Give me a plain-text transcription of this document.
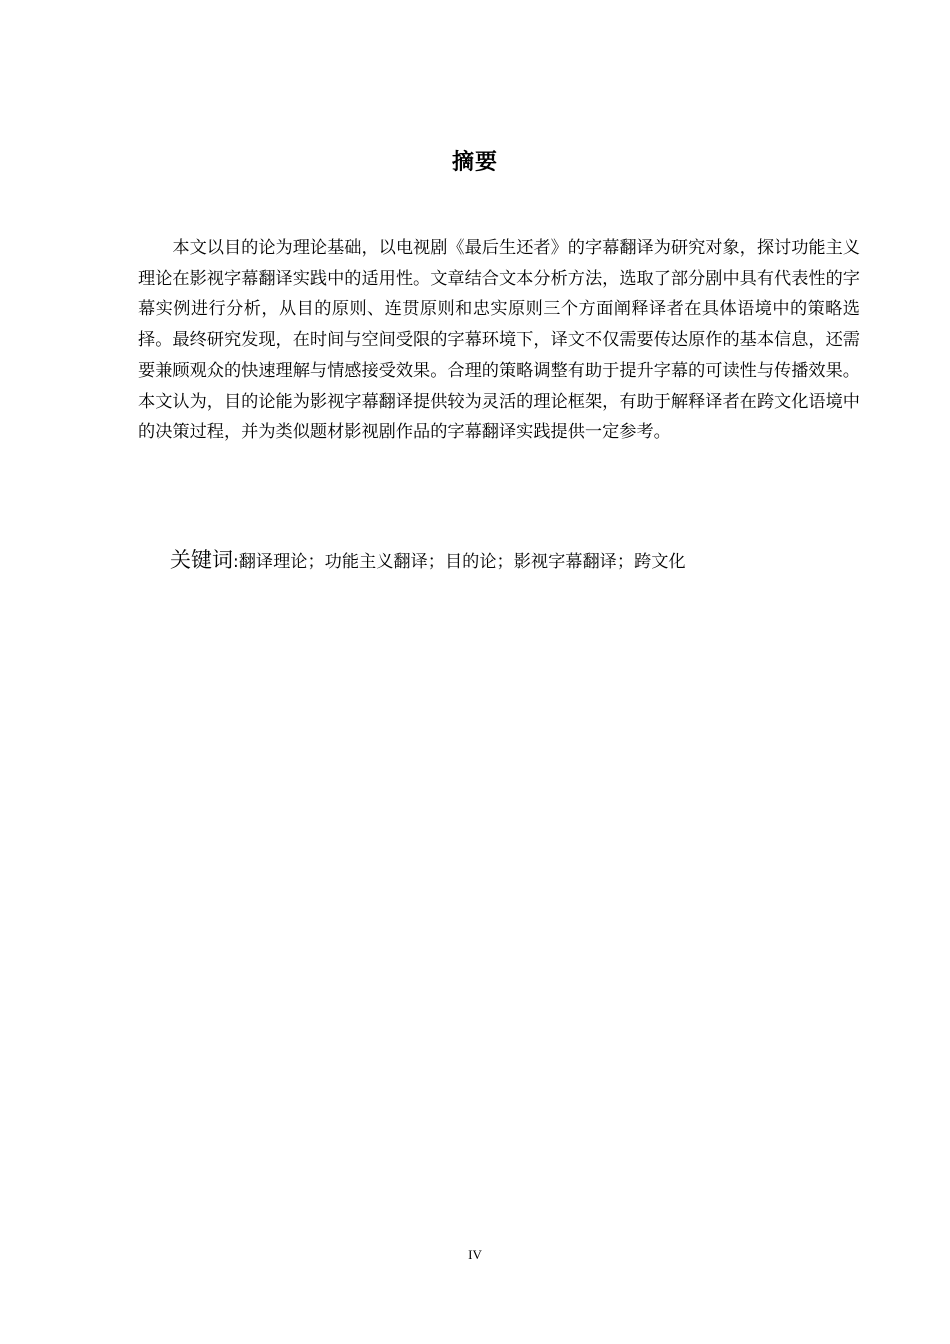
摘要

本文以目的论为理论基础，以电视剧《最后生还者》的字幕翻译为研究对象，探讨功能主义理论在影视字幕翻译实践中的适用性。文章结合文本分析方法，选取了部分剧中具有代表性的字幕实例进行分析，从目的原则、连贯原则和忠实原则三个方面阐释译者在具体语境中的策略选择。最终研究发现，在时间与空间受限的字幕环境下，译文不仅需要传达原作的基本信息，还需要兼顾观众的快速理解与情感接受效果。合理的策略调整有助于提升字幕的可读性与传播效果。本文认为，目的论能为影视字幕翻译提供较为灵活的理论框架，有助于解释译者在跨文化语境中的决策过程，并为类似题材影视剧作品的字幕翻译实践提供一定参考。

关键词:翻译理论；功能主义翻译；目的论；影视字幕翻译；跨文化
IV
